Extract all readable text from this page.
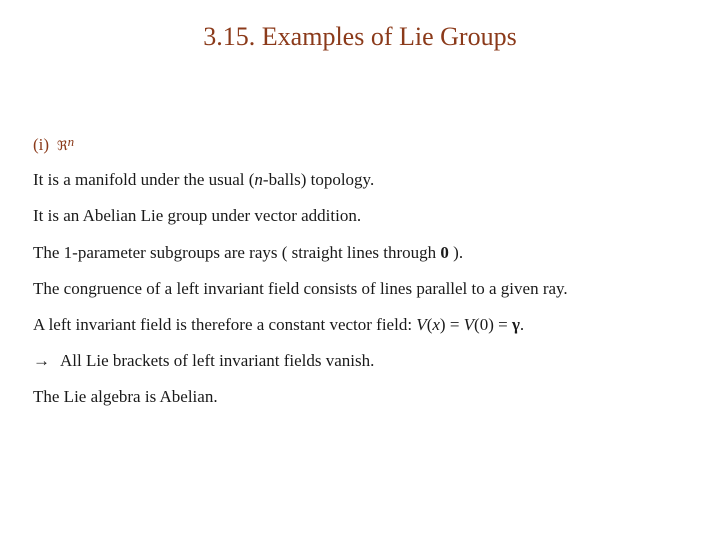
3.15. Examples of Lie Groups
(i) ℜ$^n$
It is a manifold under the usual (n-balls) topology.
It is an Abelian Lie group under vector addition.
The 1-parameter subgroups are rays ( straight lines through 0 ).
The congruence of a left invariant field consists of lines parallel to a given ray.
A left invariant field is therefore a constant vector field: V(x) = V(0) = γ.
→ All Lie brackets of left invariant fields vanish.
The Lie algebra is Abelian.
